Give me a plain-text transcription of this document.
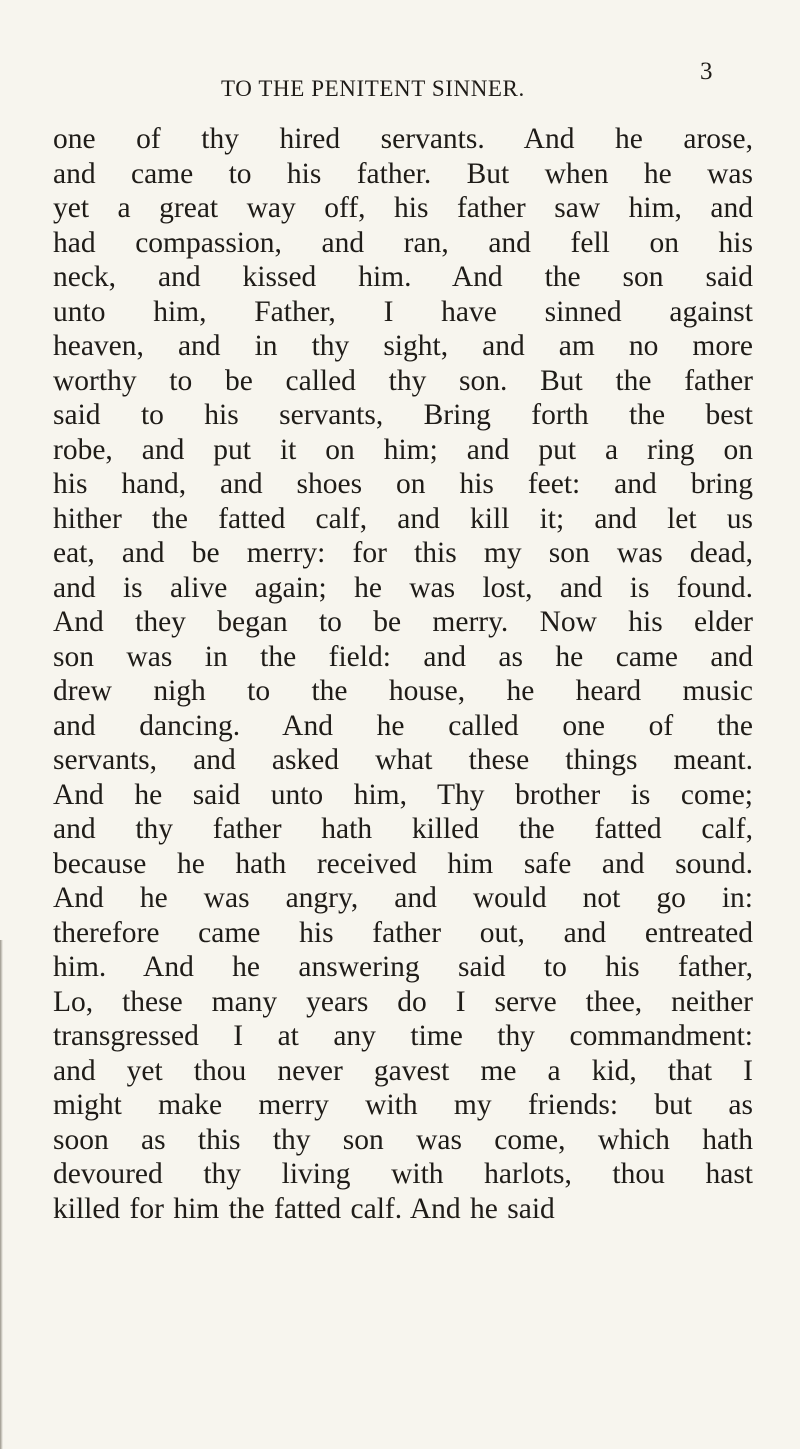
TO THE PENITENT SINNER.
3
one of thy hired servants. And he arose,
and came to his father. But when he was
yet a great way off, his father saw him, and
had compassion, and ran, and fell on his
neck, and kissed him. And the son said
unto him, Father, I have sinned against
heaven, and in thy sight, and am no more
worthy to be called thy son. But the father
said to his servants, Bring forth the best
robe, and put it on him; and put a ring on
his hand, and shoes on his feet: and bring
hither the fatted calf, and kill it; and let us
eat, and be merry: for this my son was dead,
and is alive again; he was lost, and is found.
And they began to be merry. Now his elder
son was in the field: and as he came and
drew nigh to the house, he heard music
and dancing. And he called one of the
servants, and asked what these things meant.
And he said unto him, Thy brother is come;
and thy father hath killed the fatted calf,
because he hath received him safe and sound.
And he was angry, and would not go in:
therefore came his father out, and entreated
him. And he answering said to his father,
Lo, these many years do I serve thee, neither
transgressed I at any time thy commandment:
and yet thou never gavest me a kid, that I
might make merry with my friends: but as
soon as this thy son was come, which hath
devoured thy living with harlots, thou hast
killed for him the fatted calf. And he said
